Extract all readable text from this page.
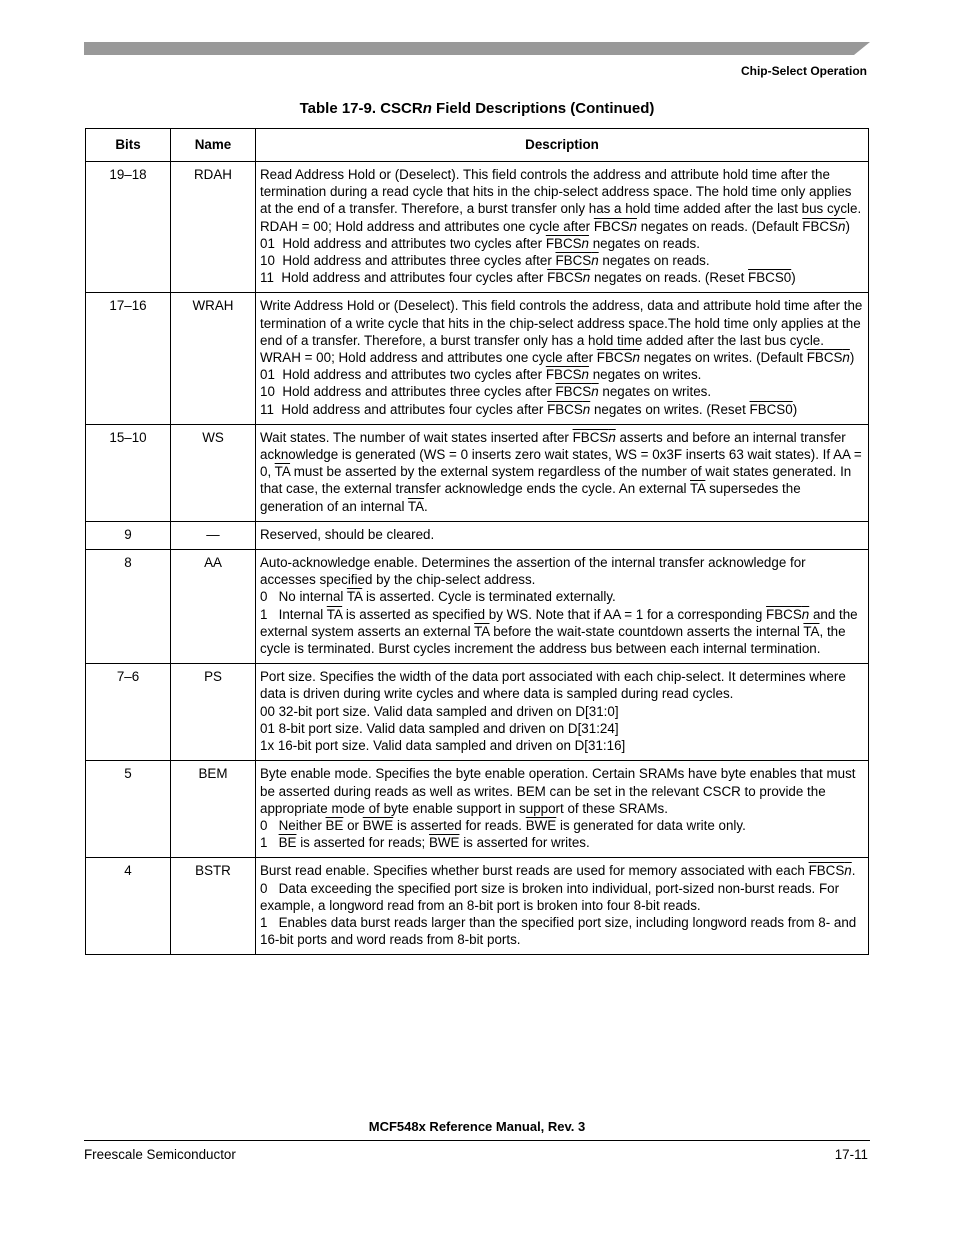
Chip-Select Operation
Table 17-9. CSCRn Field Descriptions (Continued)
Bits	Name	Description
19–18	RDAH	Read Address Hold or (Deselect). This field controls the address and attribute hold time after the termination during a read cycle that hits in the chip-select address space. The hold time only applies at the end of a transfer. Therefore, a burst transfer only has a hold time added after the last bus cycle.
RDAH = 00; Hold address and attributes one cycle after $FBCS\overline{n}$ negates on reads. (Default $FBCS\overline{n}$)
01  Hold address and attributes two cycles after $FBCS\overline{n}$ negates on reads.
10  Hold address and attributes three cycles after $FBCS\overline{n}$ negates on reads.
11  Hold address and attributes four cycles after $FBCS\overline{n}$ negates on reads. (Reset FBCS0)

17–16	WRAH	Write Address Hold or (Deselect). This field controls the address, data and attribute hold time after the termination of a write cycle that hits in the chip-select address space.The hold time only applies at the end of a transfer. Therefore, a burst transfer only has a hold time added after the last bus cycle.
WRAH = 00; Hold address and attributes one cycle after $FBCS\overline{n}$ negates on writes. (Default $FBCS\overline{n}$)
01  Hold address and attributes two cycles after $FBCS\overline{n}$ negates on writes.
10  Hold address and attributes three cycles after $FBCS\overline{n}$ negates on writes.
11  Hold address and attributes four cycles after $FBCS\overline{n}$ negates on writes. (Reset FBCS0)

15–10	WS	Wait states. The number of wait states inserted after $FBCS\overline{n}$ asserts and before an internal transfer acknowledge is generated (WS = 0 inserts zero wait states, WS = 0x3F inserts 63 wait states). If AA = 0, $\overline{TA}$ must be asserted by the external system regardless of the number of wait states generated. In that case, the external transfer acknowledge ends the cycle. An external $\overline{TA}$ supersedes the generation of an internal $\overline{TA}$.

9	—	Reserved, should be cleared.

8	AA	Auto-acknowledge enable. Determines the assertion of the internal transfer acknowledge for accesses specified by the chip-select address.
0   No internal $\overline{TA}$ is asserted. Cycle is terminated externally.
1   Internal $\overline{TA}$ is asserted as specified by WS. Note that if AA = 1 for a corresponding $FBCS\overline{n}$ and the external system asserts an external $\overline{TA}$ before the wait-state countdown asserts the internal $\overline{TA}$, the cycle is terminated. Burst cycles increment the address bus between each internal termination.

7–6	PS	Port size. Specifies the width of the data port associated with each chip-select. It determines where data is driven during write cycles and where data is sampled during read cycles.
00 32-bit port size. Valid data sampled and driven on D[31:0]
01 8-bit port size. Valid data sampled and driven on D[31:24]
1x 16-bit port size. Valid data sampled and driven on D[31:16]

5	BEM	Byte enable mode. Specifies the byte enable operation. Certain SRAMs have byte enables that must be asserted during reads as well as writes. BEM can be set in the relevant CSCR to provide the appropriate mode of byte enable support in support of these SRAMs.
0   Neither $\overline{BE}$ or $\overline{BWE}$ is asserted for reads. $\overline{BWE}$ is generated for data write only.
1   $\overline{BE}$ is asserted for reads; $\overline{BWE}$ is asserted for writes.

4	BSTR	Burst read enable. Specifies whether burst reads are used for memory associated with each $FBCS\overline{n}$.
0   Data exceeding the specified port size is broken into individual, port-sized non-burst reads. For example, a longword read from an 8-bit port is broken into four 8-bit reads.
1   Enables data burst reads larger than the specified port size, including longword reads from 8- and 16-bit ports and word reads from 8-bit ports.
MCF548x Reference Manual, Rev. 3
Freescale Semiconductor	17-11
